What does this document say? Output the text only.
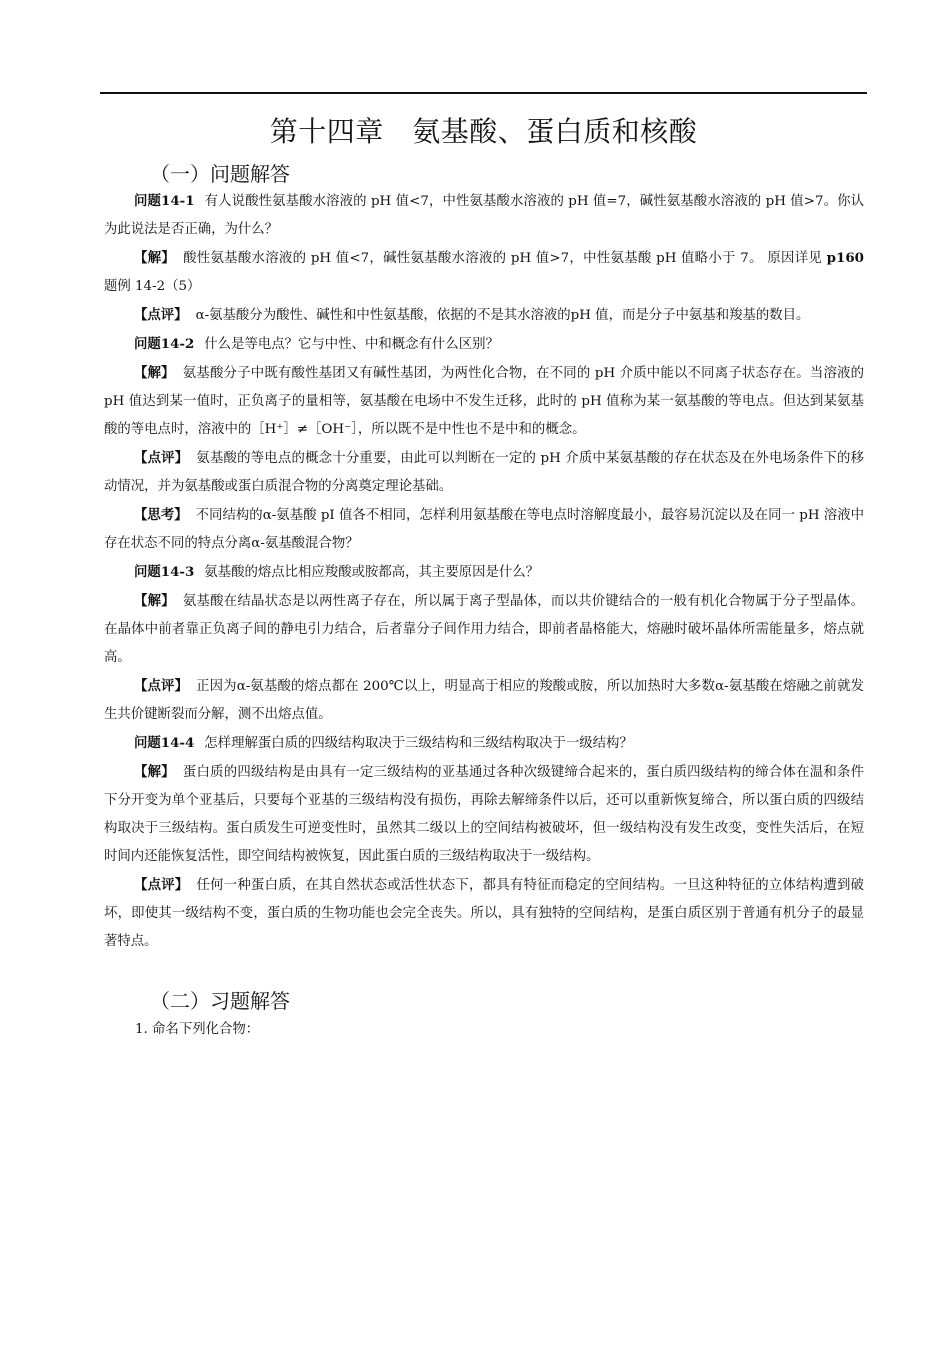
第十四章　氨基酸、蛋白质和核酸
（一）问题解答

问题14-1 有人说酸性氨基酸水溶液的 pH 值<7，中性氨基酸水溶液的 pH 值=7，碱性氨基酸水溶液的 pH 值>7。你认为此说法是否正确，为什么？

【解】 酸性氨基酸水溶液的 pH 值<7，碱性氨基酸水溶液的 pH 值>7，中性氨基酸 pH 值略小于 7。 原因详见 p160 题例 14-2（5）

【点评】 α-氨基酸分为酸性、碱性和中性氨基酸，依据的不是其水溶液的pH 值，而是分子中氨基和羧基的数目。

问题14-2 什么是等电点？它与中性、中和概念有什么区别？

【解】 氨基酸分子中既有酸性基团又有碱性基团，为两性化合物，在不同的 pH 介质中能以不同离子状态存在。当溶液的 pH 值达到某一值时，正负离子的量相等，氨基酸在电场中不发生迁移，此时的 pH 值称为某一氨基酸的等电点。但达到某氨基酸的等电点时，溶液中的［H⁺］≠［OH⁻］，所以既不是中性也不是中和的概念。

【点评】 氨基酸的等电点的概念十分重要，由此可以判断在一定的 pH 介质中某氨基酸的存在状态及在外电场条件下的移动情况，并为氨基酸或蛋白质混合物的分离奠定理论基础。

【思考】 不同结构的α-氨基酸 pI 值各不相同，怎样利用氨基酸在等电点时溶解度最小，最容易沉淀以及在同一 pH 溶液中存在状态不同的特点分离α-氨基酸混合物？

问题14-3 氨基酸的熔点比相应羧酸或胺都高，其主要原因是什么？

【解】 氨基酸在结晶状态是以两性离子存在，所以属于离子型晶体，而以共价键结合的一般有机化合物属于分子型晶体。在晶体中前者靠正负离子间的静电引力结合，后者靠分子间作用力结合，即前者晶格能大，熔融时破坏晶体所需能量多，熔点就高。

【点评】 正因为α-氨基酸的熔点都在 200℃以上，明显高于相应的羧酸或胺，所以加热时大多数α-氨基酸在熔融之前就发生共价键断裂而分解，测不出熔点值。

问题14-4 怎样理解蛋白质的四级结构取决于三级结构和三级结构取决于一级结构？

【解】 蛋白质的四级结构是由具有一定三级结构的亚基通过各种次级键缔合起来的，蛋白质四级结构的缔合体在温和条件下分开变为单个亚基后，只要每个亚基的三级结构没有损伤，再除去解缔条件以后，还可以重新恢复缔合，所以蛋白质的四级结构取决于三级结构。蛋白质发生可逆变性时，虽然其二级以上的空间结构被破坏，但一级结构没有发生改变，变性失活后，在短时间内还能恢复活性，即空间结构被恢复，因此蛋白质的三级结构取决于一级结构。

【点评】 任何一种蛋白质，在其自然状态或活性状态下，都具有特征而稳定的空间结构。一旦这种特征的立体结构遭到破坏，即使其一级结构不变，蛋白质的生物功能也会完全丧失。所以，具有独特的空间结构，是蛋白质区别于普通有机分子的最显著特点。

（二）习题解答
1. 命名下列化合物：
